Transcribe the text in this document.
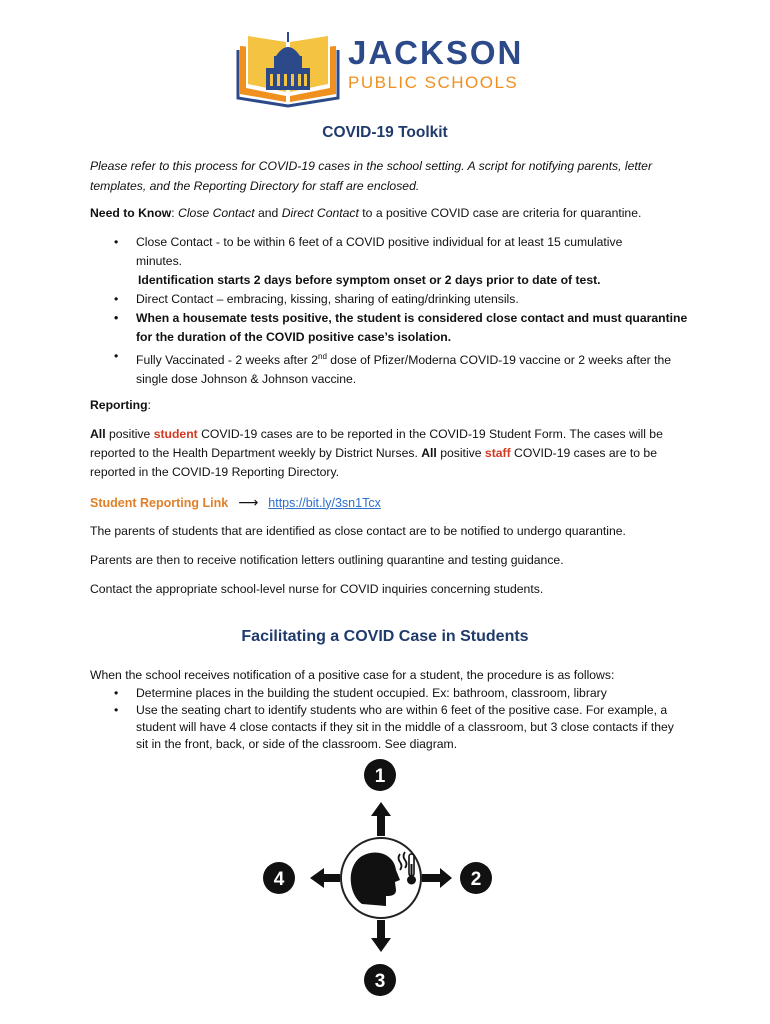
JACKSON
PUBLIC SCHOOLS
COVID-19 Toolkit
Please refer to this process for COVID-19 cases in the school setting. A script for notifying parents, letter templates, and the Reporting Directory for staff are enclosed.
Need to Know: Close Contact and Direct Contact to a positive COVID case are criteria for quarantine.
• Close Contact - to be within 6 feet of a COVID positive individual for at least 15 cumulative
minutes.
Identification starts 2 days before symptom onset or 2 days prior to date of test.
• Direct Contact – embracing, kissing, sharing of eating/drinking utensils.
• When a housemate tests positive, the student is considered close contact and must quarantine for the duration of the COVID positive case’s isolation.
• Fully Vaccinated - 2 weeks after 2nd dose of Pfizer/Moderna COVID-19 vaccine or 2 weeks after the single dose Johnson & Johnson vaccine.
Reporting:
All positive student COVID-19 cases are to be reported in the COVID-19 Student Form. The cases will be reported to the Health Department weekly by District Nurses. All positive staff COVID-19 cases are to be reported in the COVID-19 Reporting Directory.
Student Reporting Link ⟶ https://bit.ly/3sn1Tcx
The parents of students that are identified as close contact are to be notified to undergo quarantine.
Parents are then to receive notification letters outlining quarantine and testing guidance.
Contact the appropriate school-level nurse for COVID inquiries concerning students.
Facilitating a COVID Case in Students
When the school receives notification of a positive case for a student, the procedure is as follows:
• Determine places in the building the student occupied. Ex: bathroom, classroom, library
• Use the seating chart to identify students who are within 6 feet of the positive case. For example, a student will have 4 close contacts if they sit in the middle of a classroom, but 3 close contacts if they sit in the front, back, or side of the classroom. See diagram.
1
2
3
4
